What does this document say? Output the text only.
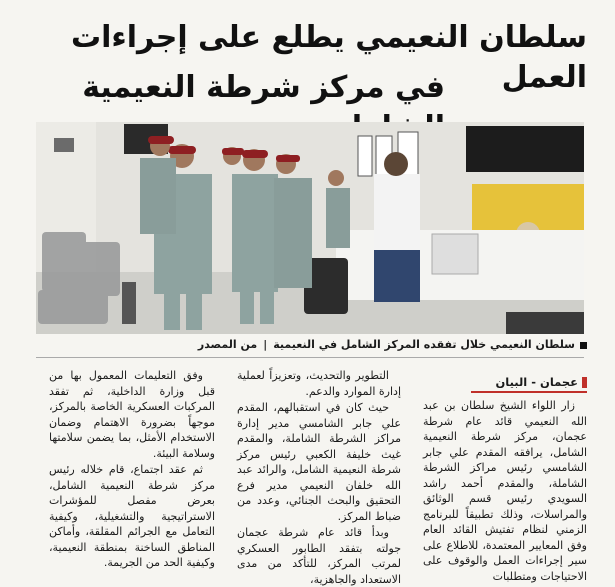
سلطان النعيمي يطلع على إجراءات العمل
في مركز شرطة النعيمية
سلطان النعيمي خلال تفقده المركز الشامل في النعيمية|من المصدر
عجمان - البيان

زار اللواء الشيخ سلطان بن عبد الله النعيمي قائد عام شرطة عجمان، مركز شرطة النعيمية الشامل، يرافقه المقدم علي جابر الشامسي رئيس مراكز الشرطة الشاملة، والمقدم أحمد راشد السويدي رئيس قسم الوثائق والمراسلات، وذلك تطبيقاً للبرنامج الزمني لنظام تفتيش القائد العام وفق المعايير المعتمدة، للاطلاع على سير إجراءات العمل والوقوف على الاحتياجات ومتطلبات

التطوير والتحديث، وتعزيزاً لعملية إدارة الموارد والدعم.

حيث كان في استقبالهم، المقدم علي جابر الشامسي مدير إدارة مراكز الشرطة الشاملة، والمقدم غيث خليفة الكعبي رئيس مركز شرطة النعيمية الشامل، والرائد عبد الله خلفان النعيمي مدير فرع التحقيق والبحث الجنائي، وعدد من ضباط المركز.

وبدأ قائد عام شرطة عجمان جولته بتفقد الطابور العسكري لمرتب المركز، للتأكد من مدى الاستعداد والجاهزية،

وفق التعليمات المعمول بها من قبل وزارة الداخلية، ثم تفقد المركبات العسكرية الخاصة بالمركز، موجهاً بضرورة الاهتمام وضمان الاستخدام الأمثل، بما يضمن سلامتها وسلامة البيئة.

ثم عقد اجتماع، قام خلاله رئيس مركز شرطة النعيمية الشامل، بعرض مفصل للمؤشرات الاستراتيجية والتشغيلية، وكيفية التعامل مع الجرائم المقلقة، وأماكن المناطق الساخنة بمنطقة النعيمية، وكيفية الحد من الجريمة.
